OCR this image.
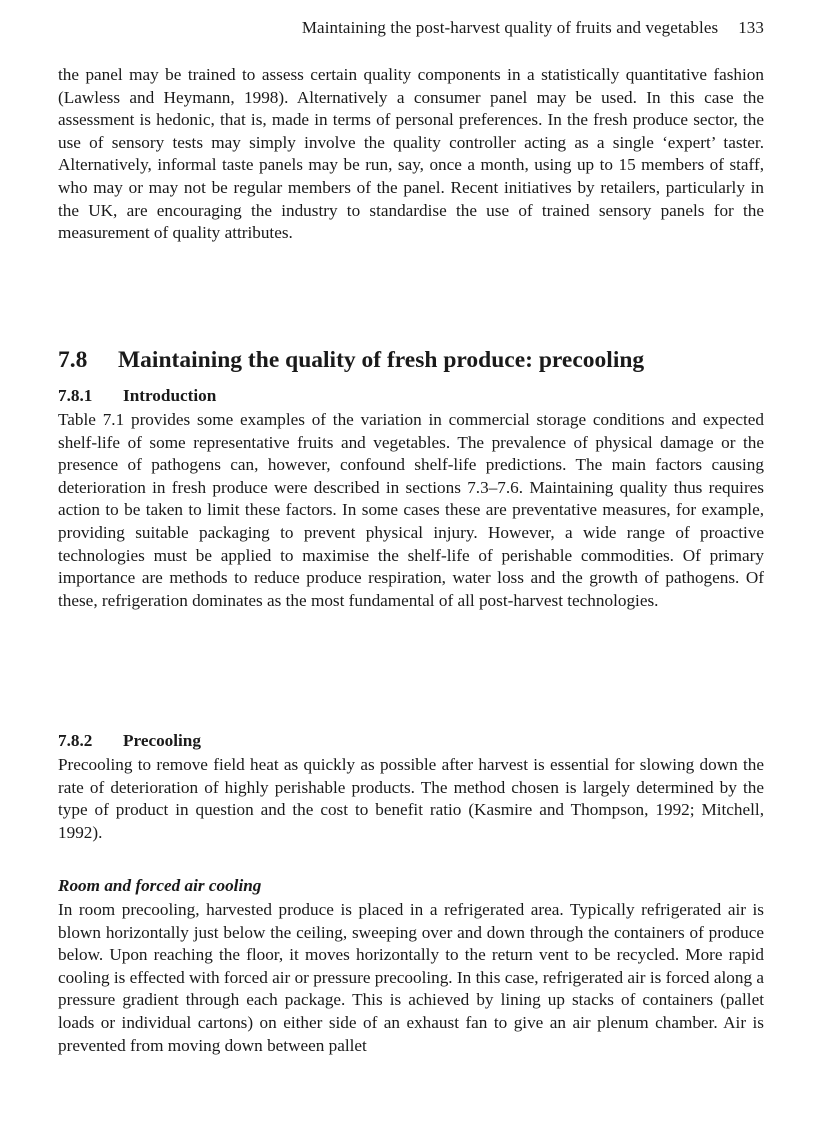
Maintaining the post-harvest quality of fruits and vegetables 133

the panel may be trained to assess certain quality components in a statistically quantitative fashion (Lawless and Heymann, 1998). Alternatively a consumer panel may be used. In this case the assessment is hedonic, that is, made in terms of personal preferences. In the fresh produce sector, the use of sensory tests may simply involve the quality controller acting as a single ‘expert’ taster. Alternatively, informal taste panels may be run, say, once a month, using up to 15 members of staff, who may or may not be regular members of the panel. Recent initiatives by retailers, particularly in the UK, are encouraging the industry to standardise the use of trained sensory panels for the measurement of quality attributes.

7.8 Maintaining the quality of fresh produce: precooling
7.8.1 Introduction

Table 7.1 provides some examples of the variation in commercial storage conditions and expected shelf-life of some representative fruits and vegetables. The prevalence of physical damage or the presence of pathogens can, however, confound shelf-life predictions. The main factors causing deterioration in fresh produce were described in sections 7.3–7.6. Maintaining quality thus requires action to be taken to limit these factors. In some cases these are preventative measures, for example, providing suitable packaging to prevent physical injury. However, a wide range of proactive technologies must be applied to maximise the shelf-life of perishable commodities. Of primary importance are methods to reduce produce respiration, water loss and the growth of pathogens. Of these, refrigeration dominates as the most fundamental of all post-harvest technologies.

7.8.2 Precooling

Precooling to remove field heat as quickly as possible after harvest is essential for slowing down the rate of deterioration of highly perishable products. The method chosen is largely determined by the type of product in question and the cost to benefit ratio (Kasmire and Thompson, 1992; Mitchell, 1992).

Room and forced air cooling

In room precooling, harvested produce is placed in a refrigerated area. Typically refrigerated air is blown horizontally just below the ceiling, sweeping over and down through the containers of produce below. Upon reaching the floor, it moves horizontally to the return vent to be recycled. More rapid cooling is effected with forced air or pressure precooling. In this case, refrigerated air is forced along a pressure gradient through each package. This is achieved by lining up stacks of containers (pallet loads or individual cartons) on either side of an exhaust fan to give an air plenum chamber. Air is prevented from moving down between pallet
